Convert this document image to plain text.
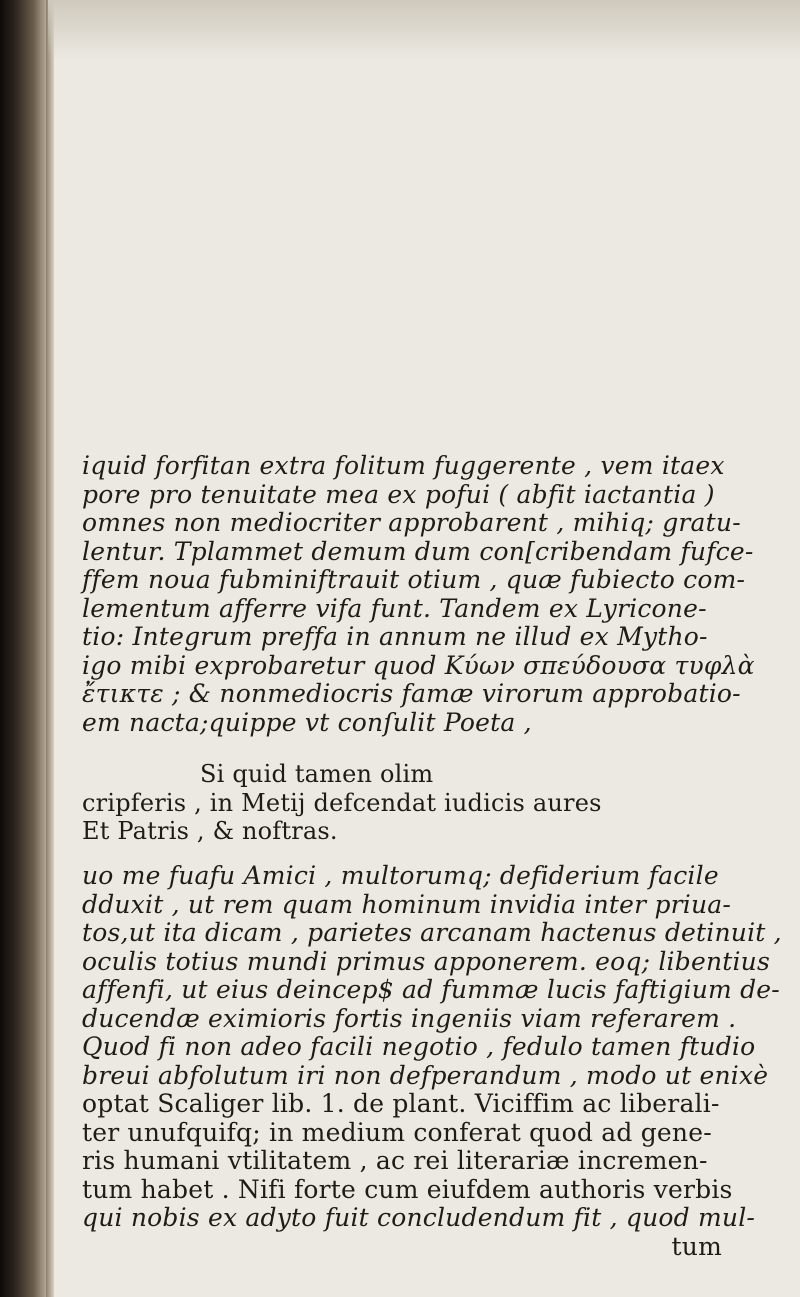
iquid forfitan extra folitum fuggerente , vem itaex
pore pro tenuitate mea ex pofui ( abfit iactantia )
omnes non mediocriter approbarent , mihiq; gratu-
lentur. Tplammet demum dum con[cribendam fufce-
ffem noua fubminiftrauit otium , quæ fubiecto com-
lementum afferre vifa funt. Tandem ex Lyricone-
tio: Integrum preffa in annum ne illud ex Mytho-
igo mibi exprobaretur quod Κύων σπεύδουσα τυφλὰ
ἔτικτε ; & nonmediocris famæ virorum approbatio-
em nacta;quippe vt conſulit Poeta ,
Si quid tamen olim
cripferis , in Metij defcendat iudicis aures
Et Patris , & noftras.
uo me fuafu Amici , multorumq; defiderium facile
dduxit , ut rem quam hominum invidia inter priua-
tos,ut ita dicam , parietes arcanam hactenus detinuit ,
oculis totius mundi primus apponerem. eoq; libentius
affenfi, ut eius deincep$ ad fummæ lucis faftigium de-
ducendæ eximioris fortis ingeniis viam referarem .
Quod fi non adeo facili negotio , fedulo tamen ftudio
breui abfolutum iri non defperandum , modo ut enixè
optat Scaliger lib. 1. de plant. Viciffim ac liberali-
ter unufquifq; in medium conferat quod ad gene-
ris humani vtilitatem , ac rei literariæ incremen-
tum habet . Nifi forte cum eiufdem authoris verbis
qui nobis ex adyto fuit concludendum fit , quod mul-
tum
